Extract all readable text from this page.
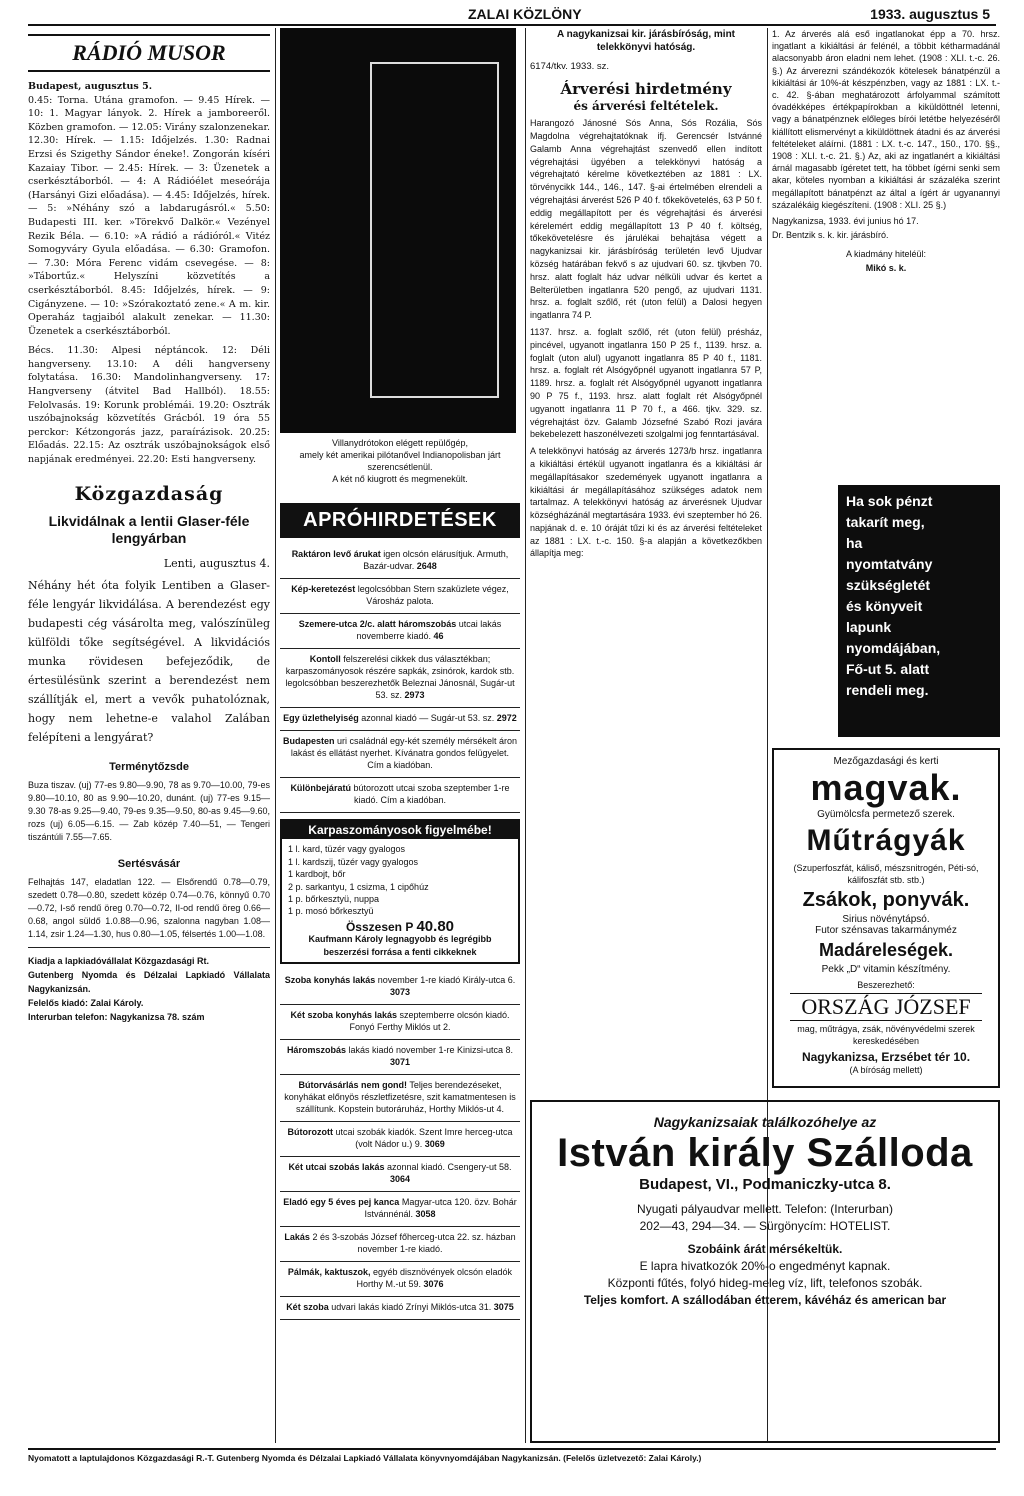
ZALAI KÖZLÖNY	1933. augusztus 5
RÁDIÓ MUSOR

Budapest, augusztus 5.

0.45: Torna. Utána gramofon. — 9.45 Hírek. — 10: 1. Magyar lányok. 2. Hírek a jamboreeről. Közben gramofon. — 12.05: Virány szalonzenekar. 12.30: Hírek. — 1.15: Időjelzés. 1.30: Radnai Erzsi és Szigethy Sándor éneke!. Zongorán kíséri Kazaiay Tibor. — 2.45: Hírek. — 3: Üzenetek a cserkésztáborból. — 4: A Rádióélet meseórája (Harsányi Gizi előadása). — 4.45: Időjelzés, hírek. — 5: »Néhány szó a labdarugásról.« 5.50: Budapesti III. ker. »Törekvő Dalkör.« Vezényel Rezik Béla. — 6.10: »A rádió a rádióról.« Vitéz Somogyváry Gyula előadása. — 6.30: Gramofon. — 7.30: Móra Ferenc vidám csevegése. — 8: »Tábortűz.« Helyszíni közvetítés a cserkésztáborból. 8.45: Időjelzés, hírek. — 9: Cigányzene. — 10: »Szórakoztató zene.« A m. kir. Operaház tagjaiból alakult zenekar. — 11.30: Üzenetek a cserkésztáborból.

Bécs. 11.30: Alpesi néptáncok. 12: Déli hangverseny. 13.10: A déli hangverseny folytatása. 16.30: Mandolinhangverseny. 17: Hangverseny (átvitel Bad Hallból). 18.55: Felolvasás. 19: Korunk problémái. 19.20: Osztrák uszóbajnokság közvetítés Grácból. 19 óra 55 perckor: Kétzongorás jazz, paraírázisok. 20.25: Előadás. 22.15: Az osztrák uszóbajnokságok első napjának eredményei. 22.20: Esti hangverseny.

Közgazdaság
Likvidálnak a lentii Glaser-féle lengyárban

Lenti, augusztus 4.

Néhány hét óta folyik Lentiben a Glaser-féle lengyár likvidálása. A berendezést egy budapesti cég vásárolta meg, valószínüleg külföldi tőke segítségével. A likvidációs munka rövidesen befejeződik, de értesülésünk szerint a berendezést nem szállítják el, mert a vevők puhatolóznak, hogy nem lehetne-e valahol Zalában felépíteni a lengyárat?

Terménytőzsde

Buza tiszav. (uj) 77-es 9.80—9.90, 78 as 9.70—10.00, 79-es 9.80—10.10, 80 as 9.90—10.20, dunánt. (uj) 77-es 9.15—9.30 78-as 9.25—9.40, 79-es 9.35—9.50, 80-as 9.45—9.60, rozs (uj) 6.05—6.15. — Zab közép 7.40—51, — Tengeri tiszántúli 7.55—7.65.

Sertésvásár

Felhajtás 147, eladatlan 122. — Elsőrendű 0.78—0.79, szedett 0.78—0.80, szedett közép 0.74—0.76, könnyű 0.70—0.72, I-ső rendű öreg 0.70—0.72, II-od rendű öreg 0.66—0.68, angol süldő 1.0.88—0.96, szalonna nagyban 1.08—1.14, zsir 1.24—1.30, hus 0.80—1.05, félsertés 1.00—1.08.

Kiadja a lapkiadóvállalat Közgazdasági Rt.

Gutenberg Nyomda és Délzalai Lapkiadó Vállalata Nagykanizsán.

Felelős kiadó: Zalai Károly.

Interurban telefon: Nagykanizsa 78. szám

Villanydrótokon elégett repülőgép,
amely két amerikai pilótanővel Indianopolisban járt szerencsétlenül.
A két nő kiugrott és megmenekült.
APRÓHIRDETÉSEK
Raktáron levő árukat igen olcsón elárusítjuk. Armuth, Bazár-udvar. 2648
Kép-keretezést legolcsóbban Stern szaküzlete végez, Városház palota.
Szemere-utca 2/c. alatt háromszobás utcai lakás novemberre kiadó. 46
Kontoll felszerelési cikkek dus választékban; karpaszományosok részére sapkák, zsinórok, kardok stb. legolcsóbban beszerezhetők Beleznai Jánosnál, Sugár-ut 53. sz. 2973
Egy üzlethelyiség azonnal kiadó — Sugár-ut 53. sz. 2972
Budapesten uri családnál egy-két személy mérsékelt áron lakást és ellátást nyerhet. Kívánatra gondos felügyelet. Cím a kiadóban.
Különbejáratú bútorozott utcai szoba szeptember 1-re kiadó. Cím a kiadóban.
Karpaszományosok figyelmébe!
1 l. kard, tüzér vagy gyalogos
1 l. kardszij, tüzér vagy gyalogos
1 kardbojt, bőr
2 p. sarkantyu, 1 csizma, 1 cipőhúz
1 p. bőrkesztyü, nuppa
1 p. mosó bőrkesztyü
Összesen P 40.80
Kaufmann Károly legnagyobb és legrégibb beszerzési forrása a fenti cikkeknek
Szoba konyhás lakás november 1-re kiadó Király-utca 6. 3073
Két szoba konyhás lakás szeptemberre olcsón kiadó. Fonyó Ferthy Miklós ut 2.
Háromszobás lakás kiadó november 1-re Kinizsi-utca 8. 3071
Bútorvásárlás nem gond! Teljes berendezéseket, konyhákat előnyös részletfizetésre, szit kamatmentesen is szállítunk. Kopstein butoráruház, Horthy Miklós-ut 4.
Bútorozott utcai szobák kiadók. Szent Imre herceg-utca (volt Nádor u.) 9. 3069
Két utcai szobás lakás azonnal kiadó. Csengery-ut 58. 3064
Eladó egy 5 éves pej kanca Magyar-utca 120. özv. Bohár Istvánnénál. 3058
Lakás 2 és 3-szobás József főherceg-utca 22. sz. házban november 1-re kiadó.
Pálmák, kaktuszok, egyéb disznövények olcsón eladók Horthy M.-ut 59. 3076
Két szoba udvari lakás kiadó Zrínyi Miklós-utca 31. 3075

A nagykanizsai kir. járásbíróság, mint telekkönyvi hatóság.

6174/tkv. 1933. sz.

Árverési hirdetmény

és árverési feltételek.

Harangozó Jánosné Sós Anna, Sós Rozália, Sós Magdolna végrehajtatóknak ifj. Gerencsér Istvánné Galamb Anna végrehajtást szenvedő ellen indított végrehajtási ügyében a telekkönyvi hatóság a végrehajtató kérelme következtében az 1881 : LX. törvénycikk 144., 146., 147. §-ai értelmében elrendeli a végrehajtási árverést 526 P 40 f. tőkekövetelés, 63 P 50 f. eddig megállapított per és végrehajtási és árverési kérelemért eddig megállapított 13 P 40 f. költség, tőkekövetelésre és járulékai behajtása végett a nagykanizsai kir. járásbíróság területén levő Ujudvar község határában fekvő s az ujudvari 60. sz. tjkvben 70. hrsz. alatt foglalt ház udvar nélküli udvar és kertet a Belterületben ingatlanra 520 pengő, az ujudvari 1131. hrsz. a. foglalt szőlő, rét (uton felül) a Dalosi hegyen ingatlanra 74 P.

1137. hrsz. a. foglalt szőlő, rét (uton felül) présház, pincével, ugyanott ingatlanra 150 P 25 f., 1139. hrsz. a. foglalt (uton alul) ugyanott ingatlanra 85 P 40 f., 1181. hrsz. a. foglalt rét Alsógyőpnél ugyanott ingatlanra 57 P, 1189. hrsz. a. foglalt rét Alsógyőpnél ugyanott ingatlanra 90 P 75 f., 1193. hrsz. alatt foglalt rét Alsógyőpnél ugyanott ingatlanra 11 P 70 f., a 466. tjkv. 329. sz. végrehajtást özv. Galamb Józsefné Szabó Rozi javára bekebelezett haszonélvezeti szolgalmi jog fenntartásával.

A telekkönyvi hatóság az árverés 1273/b hrsz. ingatlanra a kikiáltási értékül ugyanott ingatlanra és a kikiáltási ár megállapításakor szedemények ugyanott ingatlanra a kikiáltási ár megállapításához szükséges adatok nem tartalmaz. A telekkönyvi hatóság az árverésnek Ujudvar községházánál megtartására 1933. évi szeptember hó 26. napjának d. e. 10 óráját tűzi ki és az árverési feltételeket az 1881 : LX. t.-c. 150. §-a alapján a következőkben állapítja meg:

1. Az árverés alá eső ingatlanokat épp a 70. hrsz. ingatlant a kikiáltási ár felénél, a többit kétharmadánál alacsonyabb áron eladni nem lehet. (1908 : XLI. t.-c. 26. §.) Az árverezni szándékozók kötelesek bánatpénzül a kikiáltási ár 10%-át készpénzben, vagy az 1881 : LX. t.-c. 42. §-ában meghatározott árfolyammal számított óvadékképes értékpapírokban a kiküldöttnél letenni, vagy a bánatpénznek előleges bírói letétbe helyezéséről kiállított elismervényt a kiküldöttnek átadni és az árverési feltételeket aláírni. (1881 : LX. t.-c. 147., 150., 170. §§., 1908 : XLI. t.-c. 21. §.) Az, aki az ingatlanért a kikiáltási árnál magasabb ígéretet tett, ha többet ígérni senki sem akar, köteles nyomban a kikiáltási ár százaléka szerint megállapított bánatpénzt az által a ígért ár ugyanannyi százalékáig kiegészíteni. (1908 : XLI. 25 §.)

Nagykanizsa, 1933. évi junius hó 17.

Dr. Bentzik s. k. kir. járásbíró.

A kiadmány hiteléül:

Mikó s. k.

Ha sok pénzt
takarít meg,
ha
nyomtatvány
szükségletét
és könyveit
lapunk
nyomdájában,
Fő-ut 5. alatt
rendeli meg.
Mezőgazdasági és kerti
magvak.
Gyümölcsfa permetező szerek.
Műtrágyák
(Szuperfoszfát, káliső, mészsnitrogén, Péti-só, kálifoszfát stb. stb.)
Zsákok, ponyvák.
Sirius növénytápsó.
Futor szénsavas takarmányméz
Madáreleségek.
Pekk „D“ vitamin készítmény.
Beszerezhető:
ORSZÁG JÓZSEF
mag, műtrágya, zsák, növényvédelmi szerek kereskedésében
Nagykanizsa, Erzsébet tér 10.
(A bíróság mellett)
Nagykanizsaiak találkozóhelye az
István király Szálloda
Budapest, VI., Podmaniczky-utca 8.
Nyugati pályaudvar mellett. Telefon: (Interurban)
202—43, 294—34. — Sürgönycím: HOTELIST.
Szobáink árát mérsékeltük.
E lapra hivatkozók 20%-o engedményt kapnak.
Központi fűtés, folyó hideg-meleg víz, lift, telefonos szobák.
Teljes komfort. A szállodában étterem, kávéház és american bar
Nyomatott a laptulajdonos Közgazdasági R.-T. Gutenberg Nyomda és Délzalai Lapkiadó Vállalata könyvnyomdájában Nagykanizsán. (Felelős üzletvezető: Zalai Károly.)
